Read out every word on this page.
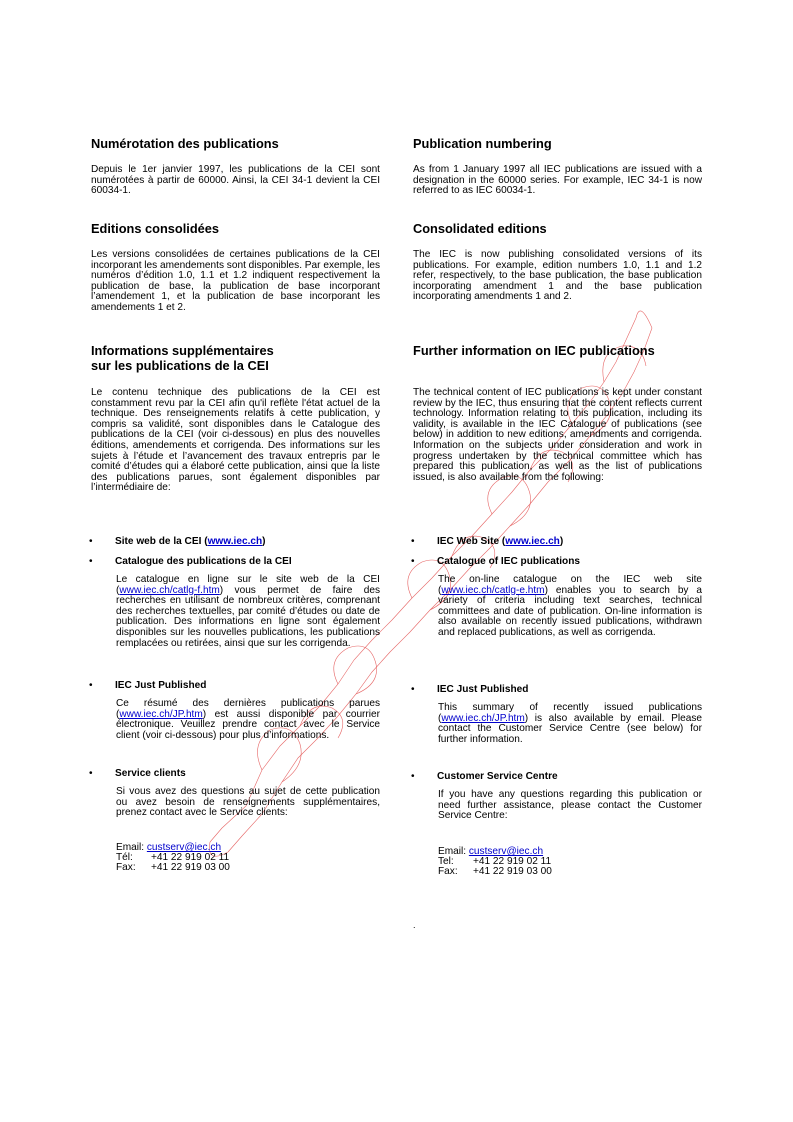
Numérotation des publications

Depuis le 1er janvier 1997, les publications de la CEI sont numérotées à partir de 60000. Ainsi, la CEI 34-1 devient la CEI 60034-1.

Editions consolidées

Les versions consolidées de certaines publications de la CEI incorporant les amendements sont disponibles. Par exemple, les numéros d’édition 1.0, 1.1 et 1.2 indiquent respectivement la publication de base, la publication de base incorporant l’amendement 1, et la publication de base incorporant les amendements 1 et 2.

Informations supplémentaires
sur les publications de la CEI

Le contenu technique des publications de la CEI est constamment revu par la CEI afin qu'il reflète l'état actuel de la technique. Des renseignements relatifs à cette publication, y compris sa validité, sont disponibles dans le Catalogue des publications de la CEI (voir ci-dessous) en plus des nouvelles éditions, amendements et corrigenda. Des informations sur les sujets à l’étude et l’avancement des travaux entrepris par le comité d’études qui a élaboré cette publication, ainsi que la liste des publications parues, sont également disponibles par l’intermédiaire de:

• Site web de la CEI (www.iec.ch)
• Catalogue des publications de la CEI

Le catalogue en ligne sur le site web de la CEI (www.iec.ch/catlg-f.htm) vous permet de faire des recherches en utilisant de nombreux critères, comprenant des recherches textuelles, par comité d’études ou date de publication. Des informations en ligne sont également disponibles sur les nouvelles publications, les publications remplacées ou retirées, ainsi que sur les corrigenda.

• IEC Just Published

Ce résumé des dernières publications parues (www.iec.ch/JP.htm) est aussi disponible par courrier électronique. Veuillez prendre contact avec le Service client (voir ci-dessous) pour plus d’informations.

• Service clients

Si vous avez des questions au sujet de cette publication ou avez besoin de renseignements supplémentaires, prenez contact avec le Service clients:

Email: custserv@iec.ch
Tél: +41 22 919 02 11
Fax: +41 22 919 03 00
Publication numbering

As from 1 January 1997 all IEC publications are issued with a designation in the 60000 series. For example, IEC 34-1 is now referred to as IEC 60034-1.

Consolidated editions

The IEC is now publishing consolidated versions of its publications. For example, edition numbers 1.0, 1.1 and 1.2 refer, respectively, to the base publication, the base publication incorporating amendment 1 and the base publication incorporating amendments 1 and 2.

Further information on IEC publications

The technical content of IEC publications is kept under constant review by the IEC, thus ensuring that the content reflects current technology. Information relating to this publication, including its validity, is available in the IEC Catalogue of publications (see below) in addition to new editions, amendments and corrigenda. Information on the subjects under consideration and work in progress undertaken by the technical committee which has prepared this publication, as well as the list of publications issued, is also available from the following:

• IEC Web Site (www.iec.ch)
• Catalogue of IEC publications

The on-line catalogue on the IEC web site (www.iec.ch/catlg-e.htm) enables you to search by a variety of criteria including text searches, technical committees and date of publication. On-line information is also available on recently issued publications, withdrawn and replaced publications, as well as corrigenda.

• IEC Just Published

This summary of recently issued publications (www.iec.ch/JP.htm) is also available by email. Please contact the Customer Service Centre (see below) for further information.

• Customer Service Centre

If you have any questions regarding this publication or need further assistance, please contact the Customer Service Centre:

Email: custserv@iec.ch
Tel: +41 22 919 02 11
Fax: +41 22 919 03 00
.
